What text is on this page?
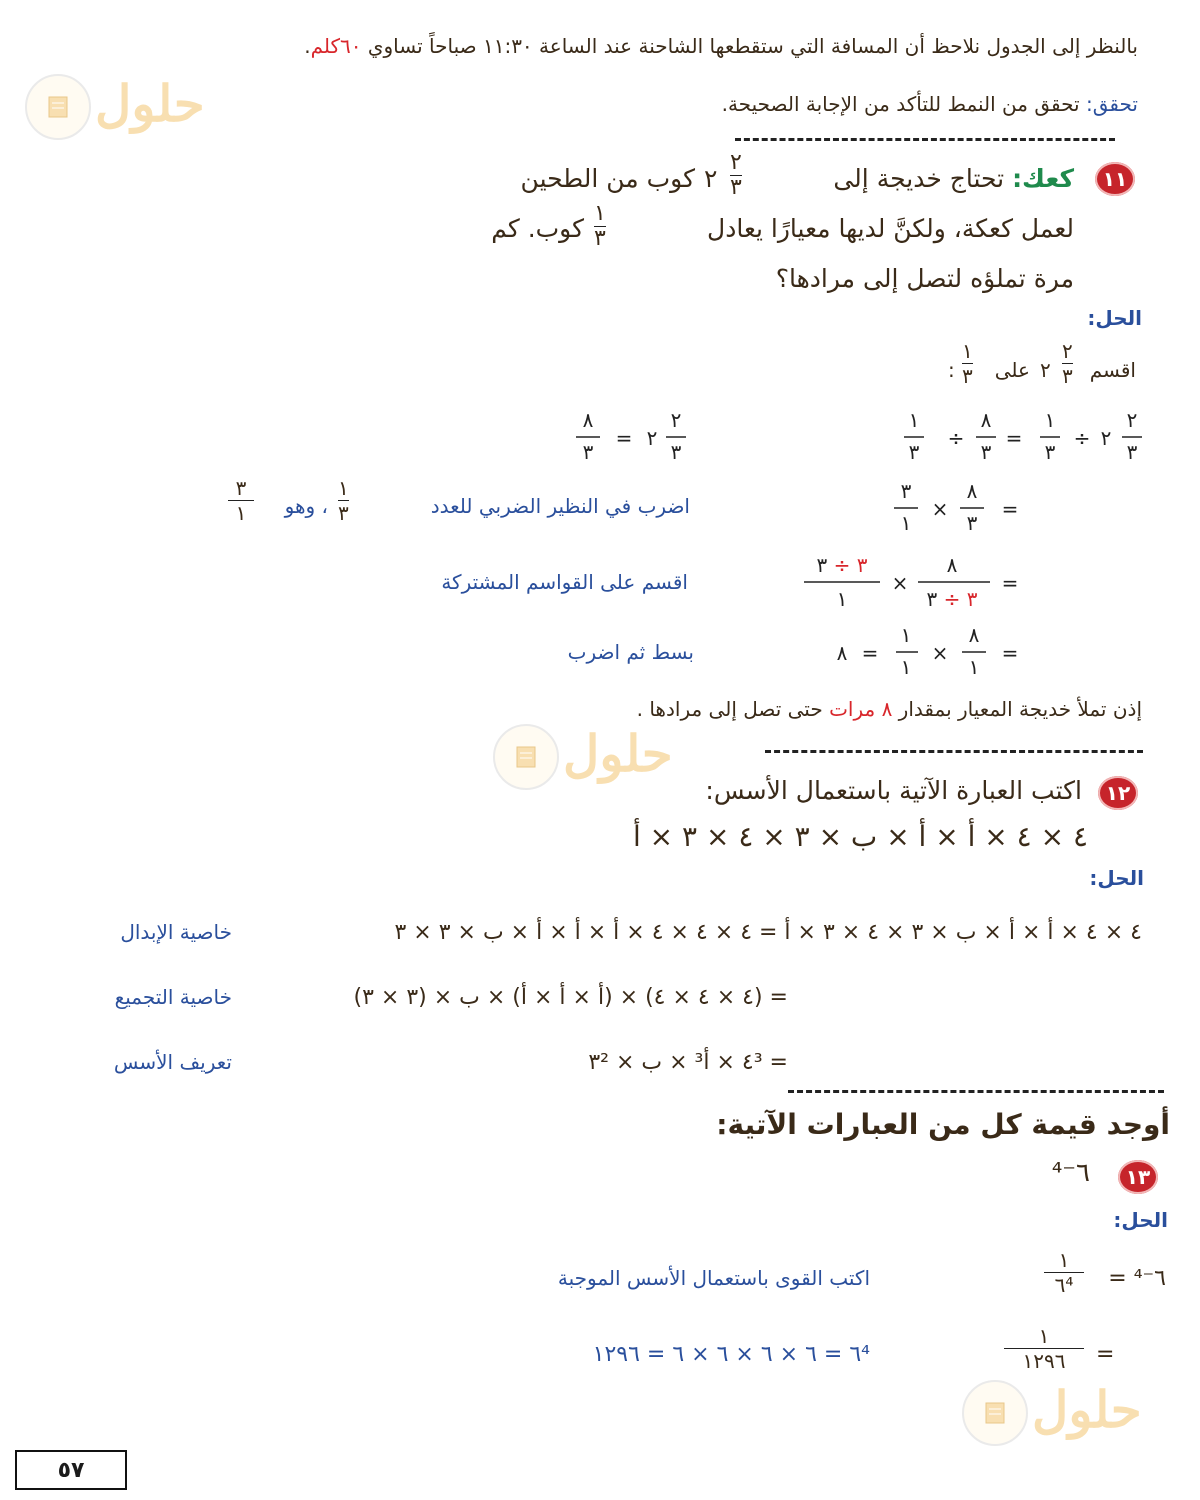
بالنظر إلى الجدول نلاحظ أن المسافة التي ستقطعها الشاحنة عند الساعة ١١:٣٠ صباحاً تساوي ٦٠كلم.
حلول	تحقق: تحقق من النمط للتأكد من الإجابة الصحيحة.
١١
كعك: تحتاج خديجة إلى
٢
٣
٢
كوب من الطحين
لعمل كعكة، ولكنَّ لديها معيارًا يعادل
١
٣
كوب. كم
مرة تملؤه لتصل إلى مرادها؟
الحل:
اقسم
٢
٣
٢
على
١
٣
:
١
٣
÷
٨
٣
=
١
٣
÷ ٢
٢
٣
٨
٣
= ٢
٢
٣
٣
١
×
٨
٣
=
اضرب في النظير الضربي للعدد
١
٣
، وهو
٣
١
٣ ÷ ٣
١
×
٨
٣ ÷ ٣
=
اقسم على القواسم المشتركة
٨ =
١
١
×
٨
١
=
بسط ثم اضرب
إذن تملأ خديجة المعيار بمقدار ٨ مرات حتى تصل إلى مرادها .
حلول
١٢
اكتب العبارة الآتية باستعمال الأسس:
٤ × ٤ × أ × أ × ب × ٣ × ٤ × ٣ × أ
الحل:
٤ × ٤ × أ × أ × ب × ٣ × ٤ × ٣ × أ = ٤ × ٤ × ٤ × أ × أ × أ × ب × ٣ × ٣
خاصية الإبدال
= (٤ × ٤ × ٤) × (أ × أ × أ) × ب × (٣ × ٣)
خاصية التجميع
= ٤³ × أ³ × ب × ٣²
تعريف الأسس
أوجد قيمة كل من العبارات الآتية:
١٣
٦⁻⁴
الحل:
٦⁻⁴ =
١
٦⁴
اكتب القوى باستعمال الأسس الموجبة
=
١
١٢٩٦
٦⁴ = ٦ × ٦ × ٦ × ٦ = ١٢٩٦
حلول
٥٧
